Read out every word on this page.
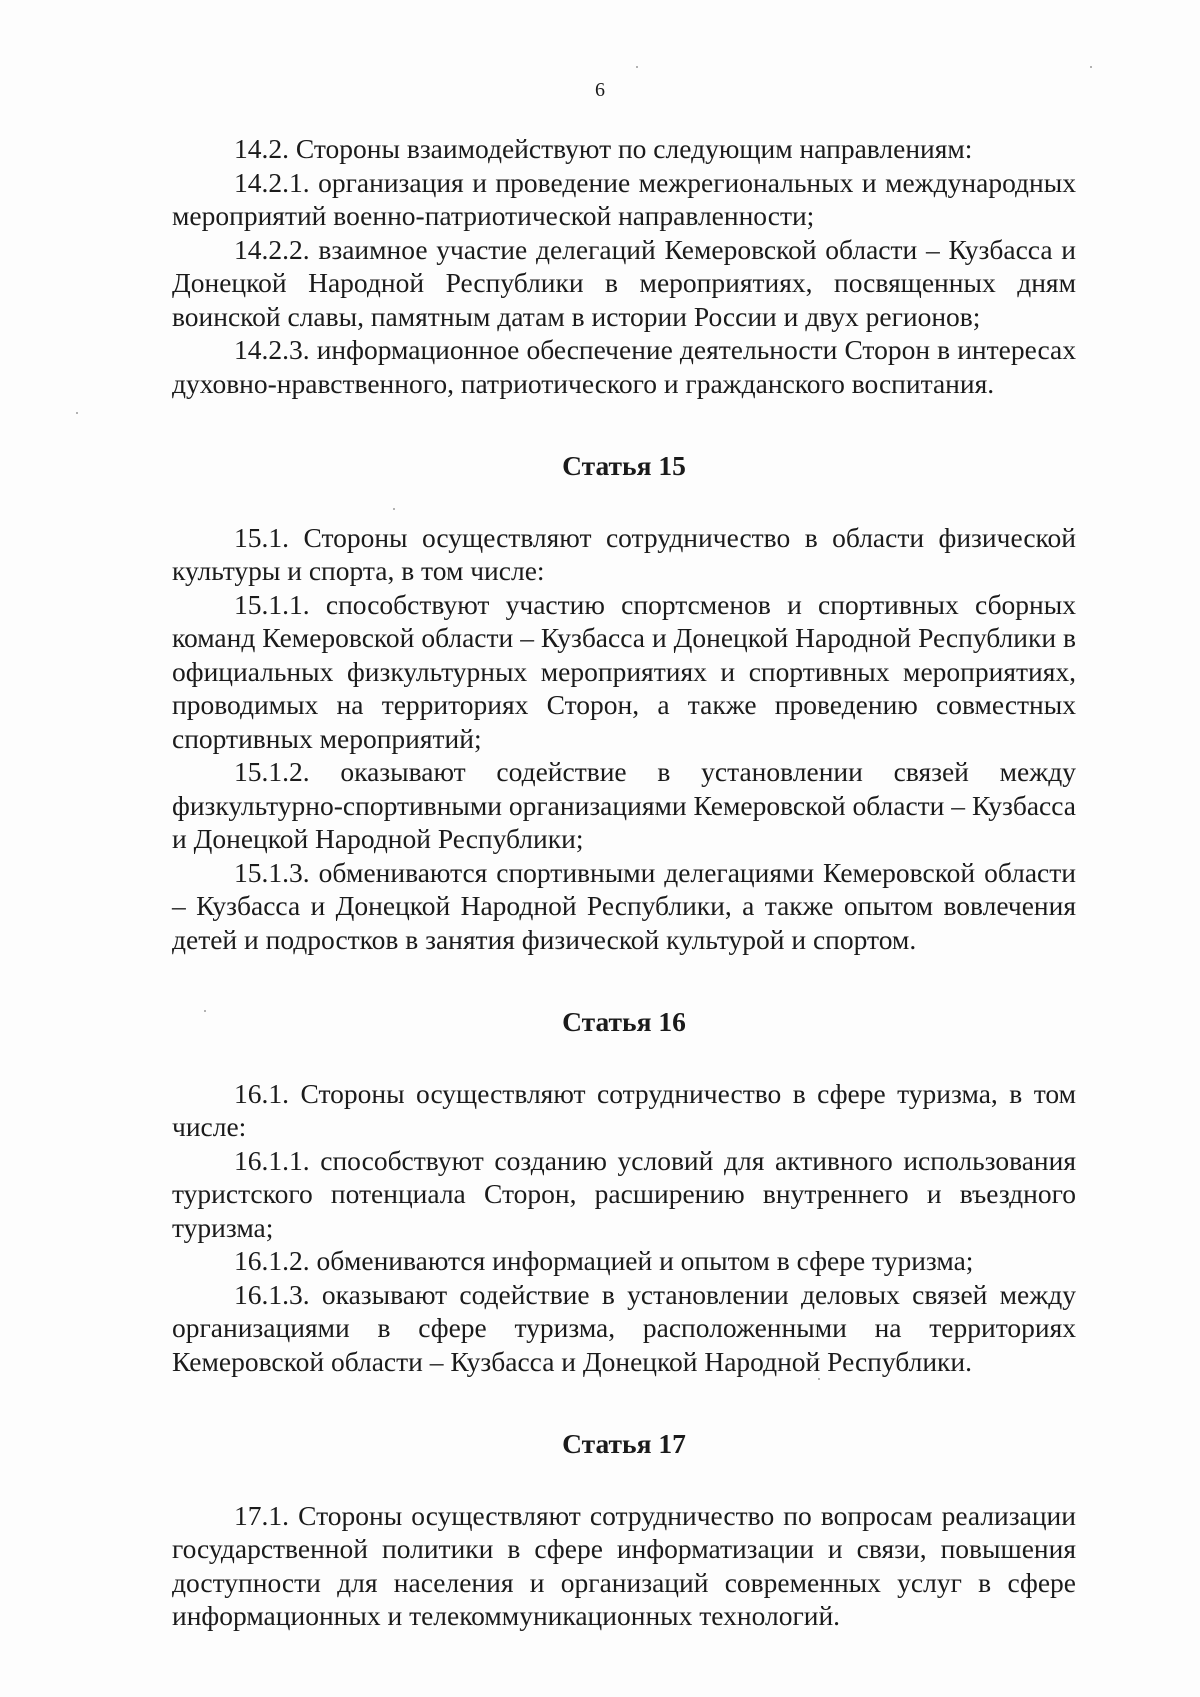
6

14.2. Стороны взаимодействуют по следующим направлениям:

14.2.1. организация и проведение межрегиональных и международных мероприятий военно-патриотической направленности;

14.2.2. взаимное участие делегаций Кемеровской области – Кузбасса и Донецкой Народной Республики в мероприятиях, посвященных дням воинской славы, памятным датам в истории России и двух регионов;

14.2.3. информационное обеспечение деятельности Сторон в интересах духовно-нравственного, патриотического и гражданского воспитания.

Статья 15

15.1. Стороны осуществляют сотрудничество в области физической культуры и спорта, в том числе:

15.1.1. способствуют участию спортсменов и спортивных сборных команд Кемеровской области – Кузбасса и Донецкой Народной Республики в официальных физкультурных мероприятиях и спортивных мероприятиях, проводимых на территориях Сторон, а также проведению совместных спортивных мероприятий;

15.1.2. оказывают содействие в установлении связей между физкультурно-спортивными организациями Кемеровской области – Кузбасса и Донецкой Народной Республики;

15.1.3. обмениваются спортивными делегациями Кемеровской области – Кузбасса и Донецкой Народной Республики, а также опытом вовлечения детей и подростков в занятия физической культурой и спортом.

Статья 16

16.1. Стороны осуществляют сотрудничество в сфере туризма, в том числе:

16.1.1. способствуют созданию условий для активного использования туристского потенциала Сторон, расширению внутреннего и въездного туризма;

16.1.2. обмениваются информацией и опытом в сфере туризма;

16.1.3. оказывают содействие в установлении деловых связей между организациями в сфере туризма, расположенными на территориях Кемеровской области – Кузбасса и Донецкой Народной Республики.

Статья 17

17.1. Стороны осуществляют сотрудничество по вопросам реализации государственной политики в сфере информатизации и связи, повышения доступности для населения и организаций современных услуг в сфере информационных и телекоммуникационных технологий.
